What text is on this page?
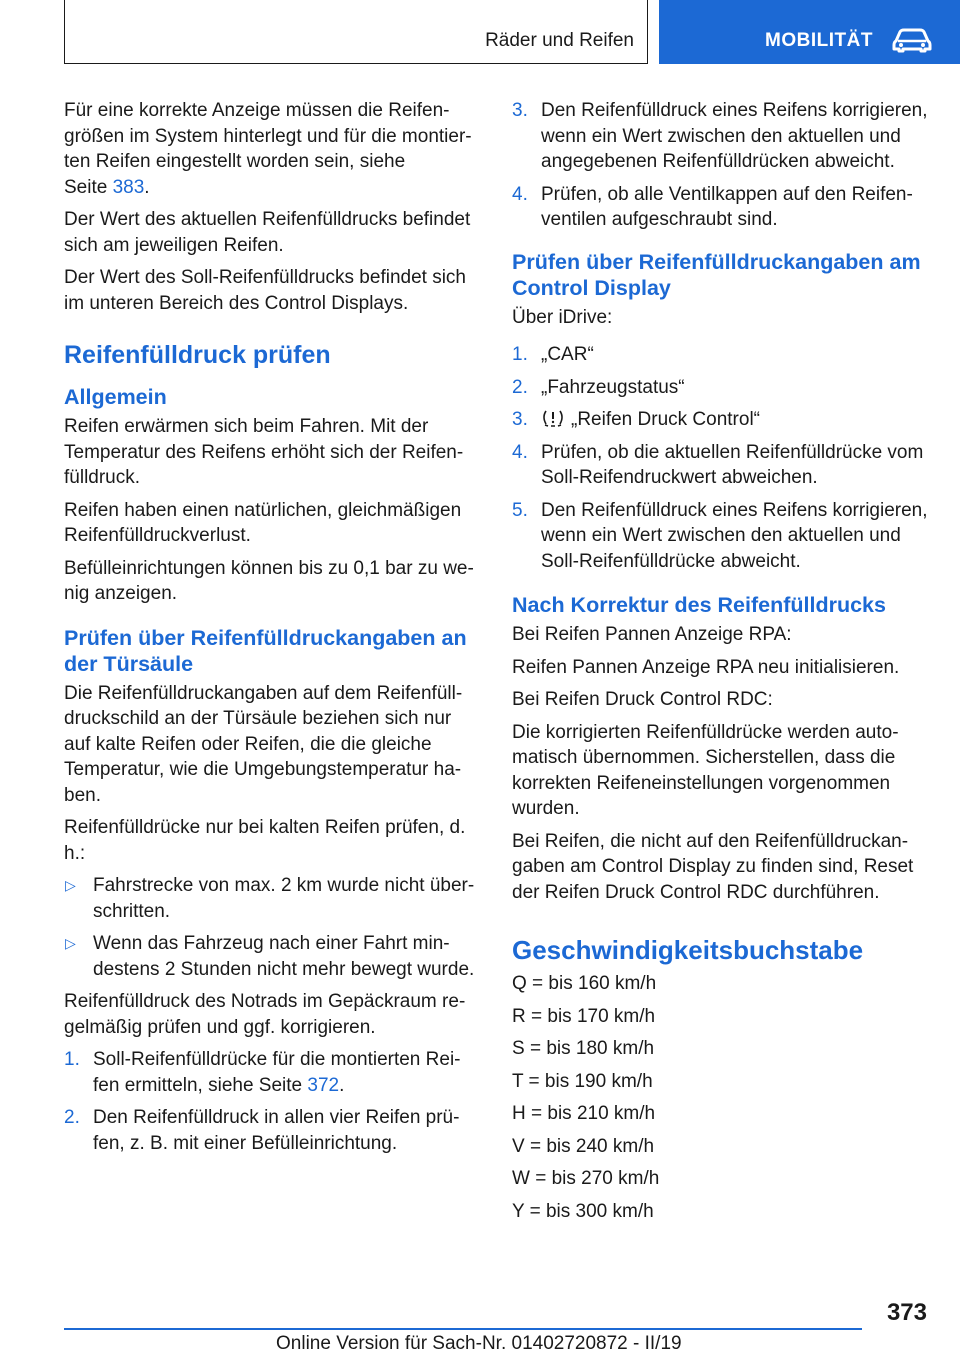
Räder und Reifen	MOBILITÄT

Für eine korrekte Anzeige müssen die Reifengrößen im System hinterlegt und für die montierten Reifen eingestellt worden sein, siehe Seite 383.

Der Wert des aktuellen Reifenfülldrucks befindet sich am jeweiligen Reifen.

Der Wert des Soll-Reifenfülldrucks befindet sich im unteren Bereich des Control Displays.

Reifenfülldruck prüfen
Allgemein

Reifen erwärmen sich beim Fahren. Mit der Temperatur des Reifens erhöht sich der Reifenfülldruck.

Reifen haben einen natürlichen, gleichmäßigen Reifenfülldruckverlust.

Befülleinrichtungen können bis zu 0,1 bar zu wenig anzeigen.

Prüfen über Reifenfülldruckangaben an der Türsäule

Die Reifenfülldruckangaben auf dem Reifenfülldruckschild an der Türsäule beziehen sich nur auf kalte Reifen oder Reifen, die die gleiche Temperatur, wie die Umgebungstemperatur haben.

Reifenfülldrücke nur bei kalten Reifen prüfen, d. h.:

▷ Fahrstrecke von max. 2 km wurde nicht überschritten.
▷ Wenn das Fahrzeug nach einer Fahrt mindestens 2 Stunden nicht mehr bewegt wurde.

Reifenfülldruck des Notrads im Gepäckraum regelmäßig prüfen und ggf. korrigieren.

1. Soll-Reifenfülldrücke für die montierten Reifen ermitteln, siehe Seite 372.
2. Den Reifenfülldruck in allen vier Reifen prüfen, z. B. mit einer Befülleinrichtung.
3. Den Reifenfülldruck eines Reifens korrigieren, wenn ein Wert zwischen den aktuellen und angegebenen Reifenfülldrücken abweicht.
4. Prüfen, ob alle Ventilkappen auf den Reifenventilen aufgeschraubt sind.
Prüfen über Reifenfülldruckangaben am Control Display

Über iDrive:

1. „CAR“
2. „Fahrzeugstatus“
3. „Reifen Druck Control“
4. Prüfen, ob die aktuellen Reifenfülldrücke vom Soll-Reifendruckwert abweichen.
5. Den Reifenfülldruck eines Reifens korrigieren, wenn ein Wert zwischen den aktuellen und Soll-Reifenfülldrücke abweicht.
Nach Korrektur des Reifenfülldrucks

Bei Reifen Pannen Anzeige RPA:

Reifen Pannen Anzeige RPA neu initialisieren.

Bei Reifen Druck Control RDC:

Die korrigierten Reifenfülldrücke werden automatisch übernommen. Sicherstellen, dass die korrekten Reifeneinstellungen vorgenommen wurden.

Bei Reifen, die nicht auf den Reifenfülldruckangaben am Control Display zu finden sind, Reset der Reifen Druck Control RDC durchführen.

Geschwindigkeitsbuchstabe

Q = bis 160 km/h

R = bis 170 km/h

S = bis 180 km/h

T = bis 190 km/h

H = bis 210 km/h

V = bis 240 km/h

W = bis 270 km/h

Y = bis 300 km/h

373
Online Version für Sach-Nr. 01402720872 - II/19
